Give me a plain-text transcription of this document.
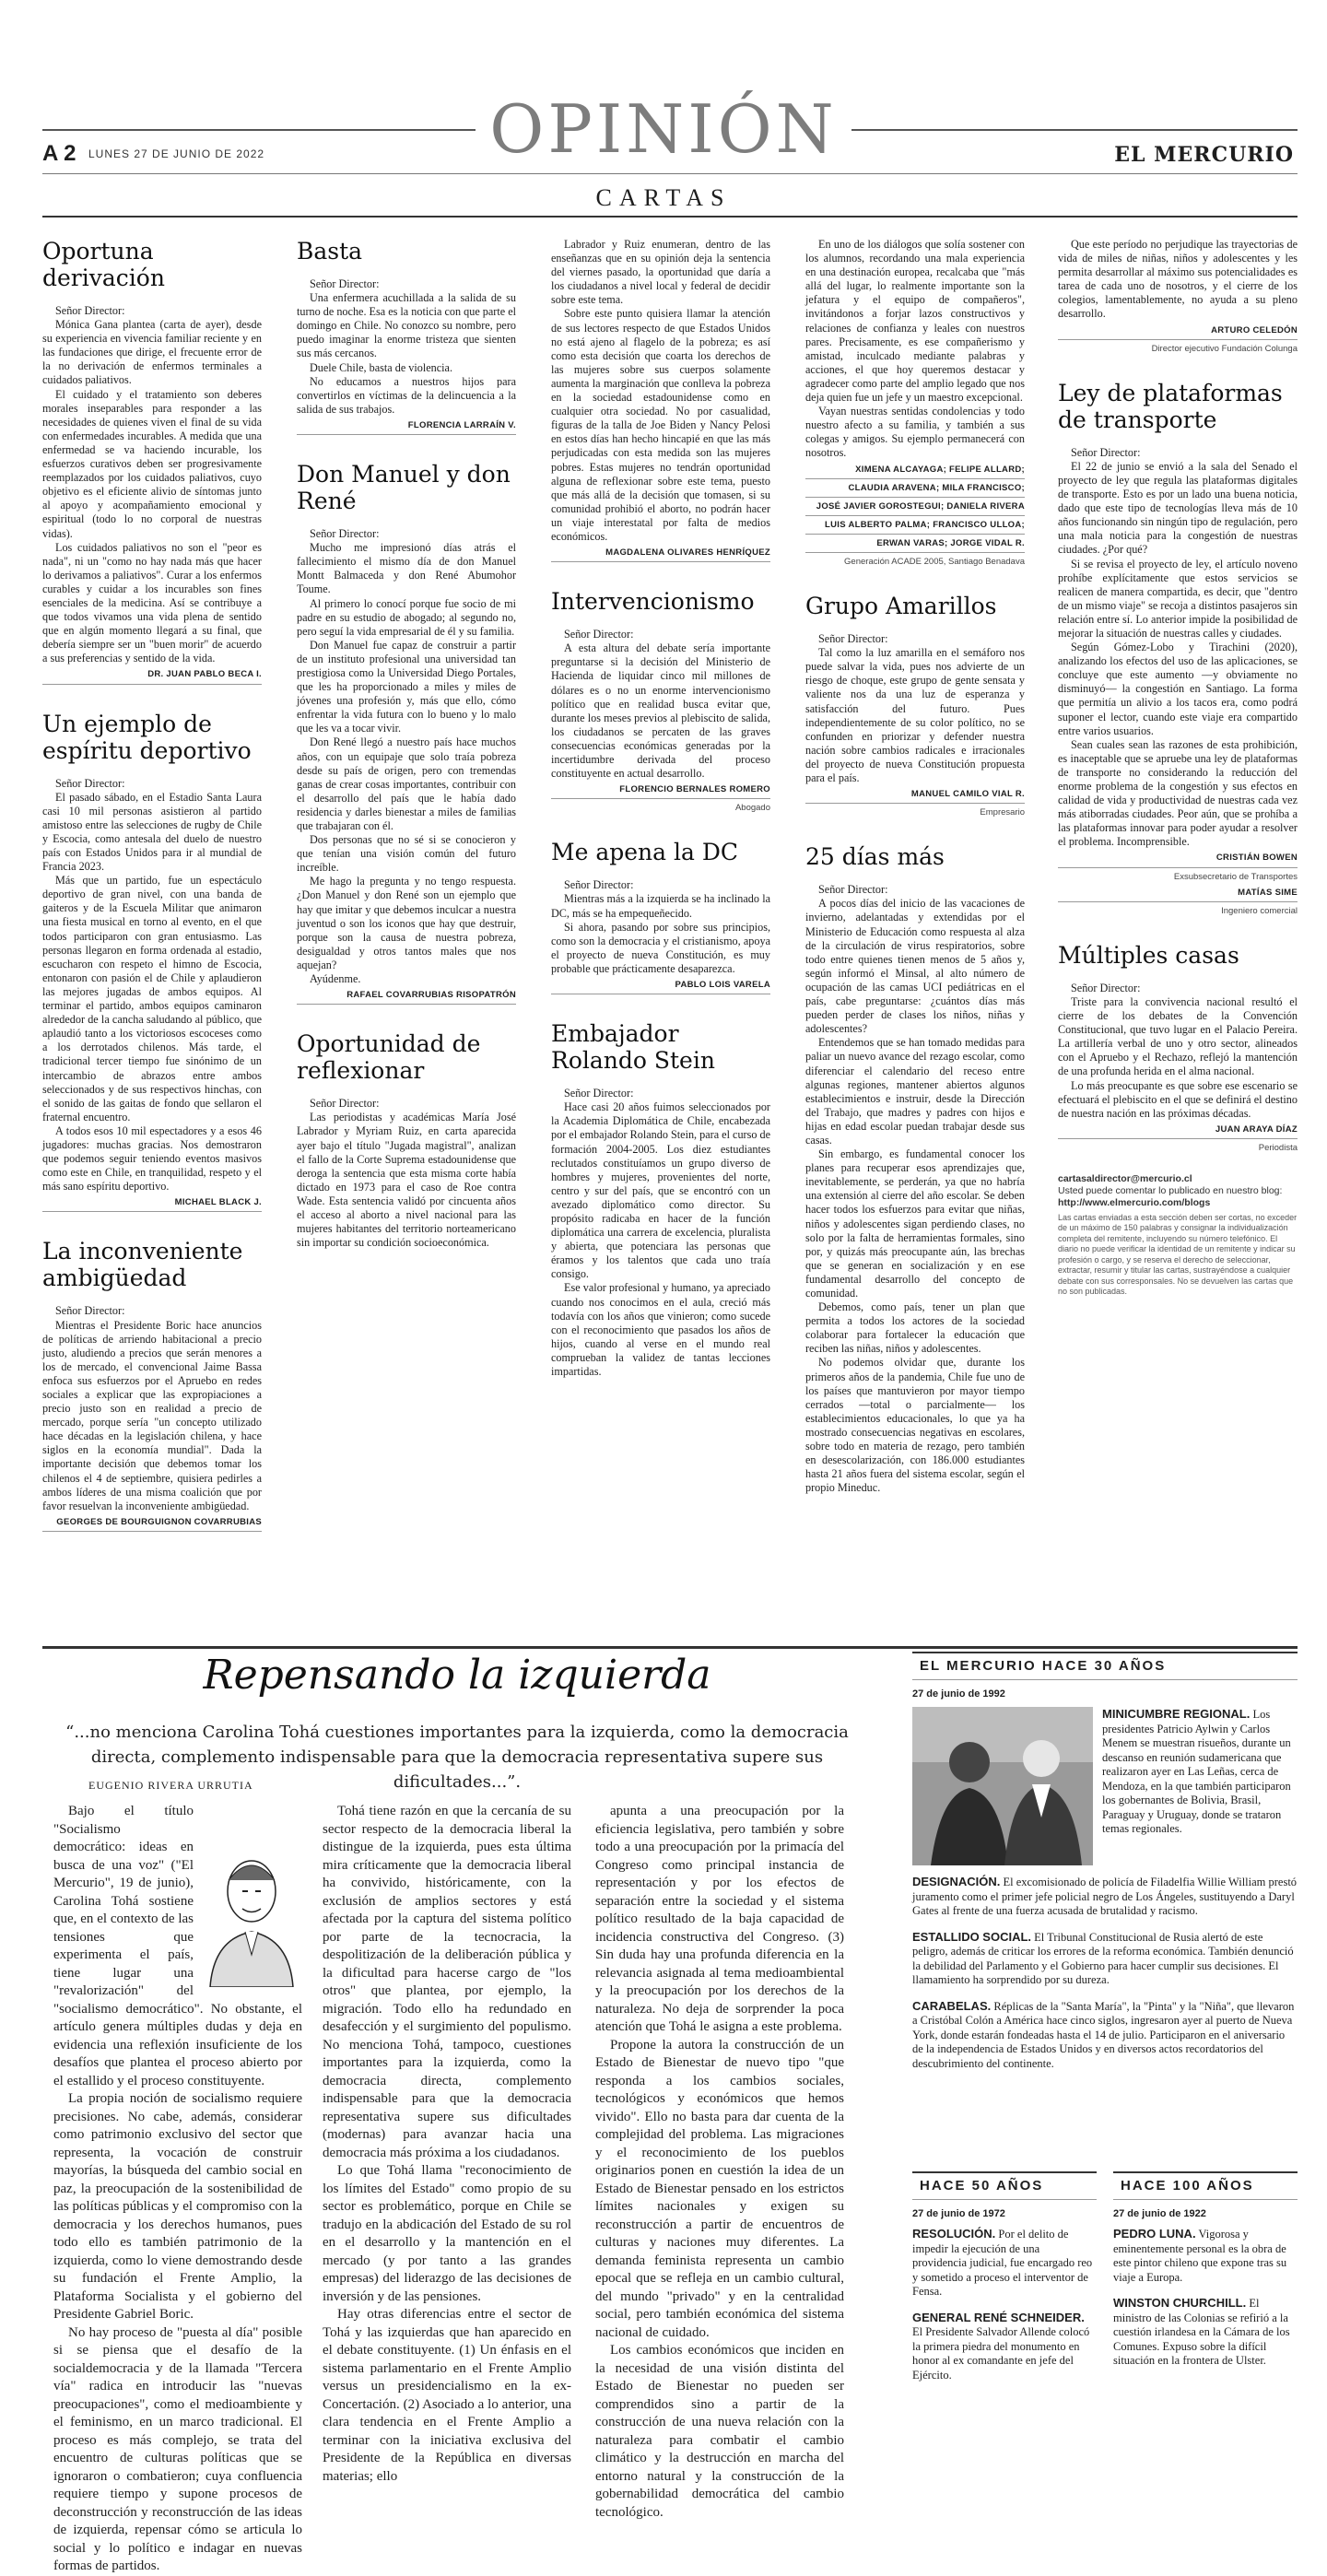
A 2 LUNES 27 DE JUNIO DE 2022	OPINIÓN	EL MERCURIO
CARTAS
Oportuna derivación

Señor Director:

Mónica Gana plantea (carta de ayer), desde su experiencia en vivencia familiar reciente y en las fundaciones que dirige, el frecuente error de la no derivación de enfermos terminales a cuidados paliativos.

El cuidado y el tratamiento son deberes morales inseparables para responder a las necesidades de quienes viven el final de su vida con enfermedades incurables. A medida que una enfermedad se va haciendo incurable, los esfuerzos curativos deben ser progresivamente reemplazados por los cuidados paliativos, cuyo objetivo es el eficiente alivio de síntomas junto al apoyo y acompañamiento emocional y espiritual (todo lo no corporal de nuestras vidas).

Los cuidados paliativos no son el "peor es nada", ni un "como no hay nada más que hacer lo derivamos a paliativos". Curar a los enfermos curables y cuidar a los incurables son fines esenciales de la medicina. Así se contribuye a que todos vivamos una vida plena de sentido que en algún momento llegará a su final, que debería siempre ser un "buen morir" de acuerdo a sus preferencias y sentido de la vida.

DR. JUAN PABLO BECA I.
Un ejemplo de espíritu deportivo

Señor Director:

El pasado sábado, en el Estadio Santa Laura casi 10 mil personas asistieron al partido amistoso entre las selecciones de rugby de Chile y Escocia, como antesala del duelo de nuestro país con Estados Unidos para ir al mundial de Francia 2023.

Más que un partido, fue un espectáculo deportivo de gran nivel, con una banda de gaiteros y de la Escuela Militar que animaron una fiesta musical en torno al evento, en el que todos participaron con gran entusiasmo. Las personas llegaron en forma ordenada al estadio, escucharon con respeto el himno de Escocia, entonaron con pasión el de Chile y aplaudieron las mejores jugadas de ambos equipos. Al terminar el partido, ambos equipos caminaron alrededor de la cancha saludando al público, que aplaudió tanto a los victoriosos escoceses como a los derrotados chilenos. Más tarde, el tradicional tercer tiempo fue sinónimo de un intercambio de abrazos entre ambos seleccionados y de sus respectivos hinchas, con el sonido de las gaitas de fondo que sellaron el fraternal encuentro.

A todos esos 10 mil espectadores y a esos 46 jugadores: muchas gracias. Nos demostraron que podemos seguir teniendo eventos masivos como este en Chile, en tranquilidad, respeto y el más sano espíritu deportivo.

MICHAEL BLACK J.
La inconveniente ambigüedad

Señor Director:

Mientras el Presidente Boric hace anuncios de políticas de arriendo habitacional a precio justo, aludiendo a precios que serán menores a los de mercado, el convencional Jaime Bassa enfoca sus esfuerzos por el Apruebo en redes sociales a explicar que las expropiaciones a precio justo son en realidad a precio de mercado, porque sería "un concepto utilizado hace décadas en la legislación chilena, y hace siglos en la economía mundial". Dada la importante decisión que debemos tomar los chilenos el 4 de septiembre, quisiera pedirles a ambos líderes de una misma coalición que por favor resuelvan la inconveniente ambigüedad.

GEORGES DE BOURGUIGNON COVARRUBIAS
Basta

Señor Director:

Una enfermera acuchillada a la salida de su turno de noche. Esa es la noticia con que parte el domingo en Chile. No conozco su nombre, pero puedo imaginar la enorme tristeza que sienten sus más cercanos.

Duele Chile, basta de violencia.

No educamos a nuestros hijos para convertirlos en víctimas de la delincuencia a la salida de sus trabajos.

FLORENCIA LARRAÍN V.
Don Manuel y don René

Señor Director:

Mucho me impresionó días atrás el fallecimiento el mismo día de don Manuel Montt Balmaceda y don René Abumohor Toume.

Al primero lo conocí porque fue socio de mi padre en su estudio de abogado; al segundo no, pero seguí la vida empresarial de él y su familia.

Don Manuel fue capaz de construir a partir de un instituto profesional una universidad tan prestigiosa como la Universidad Diego Portales, que les ha proporcionado a miles y miles de jóvenes una profesión y, más que ello, cómo enfrentar la vida futura con lo bueno y lo malo que les va a tocar vivir.

Don René llegó a nuestro país hace muchos años, con un equipaje que solo traía pobreza desde su país de origen, pero con tremendas ganas de crear cosas importantes, contribuir con el desarrollo del país que le había dado residencia y darles bienestar a miles de familias que trabajaran con él.

Dos personas que no sé si se conocieron y que tenían una visión común del futuro increíble.

Me hago la pregunta y no tengo respuesta. ¿Don Manuel y don René son un ejemplo que hay que imitar y que debemos inculcar a nuestra juventud o son los iconos que hay que destruir, porque son la causa de nuestra pobreza, desigualdad y otros tantos males que nos aquejan?

Ayúdenme.

RAFAEL COVARRUBIAS RISOPATRÓN
Oportunidad de reflexionar

Señor Director:

Las periodistas y académicas María José Labrador y Myriam Ruiz, en carta aparecida ayer bajo el título "Jugada magistral", analizan el fallo de la Corte Suprema estadounidense que deroga la sentencia que esta misma corte había dictado en 1973 para el caso de Roe contra Wade. Esta sentencia validó por cincuenta años el acceso al aborto a nivel nacional para las mujeres habitantes del territorio norteamericano sin importar su condición socioeconómica.

Labrador y Ruiz enumeran, dentro de las enseñanzas que en su opinión deja la sentencia del viernes pasado, la oportunidad que daría a los ciudadanos a nivel local y federal de decidir sobre este tema.

Sobre este punto quisiera llamar la atención de sus lectores respecto de que Estados Unidos no está ajeno al flagelo de la pobreza; es así como esta decisión que coarta los derechos de las mujeres sobre sus cuerpos solamente aumenta la marginación que conlleva la pobreza en la sociedad estadounidense como en cualquier otra sociedad. No por casualidad, figuras de la talla de Joe Biden y Nancy Pelosi en estos días han hecho hincapié en que las más perjudicadas con esta medida son las mujeres pobres. Estas mujeres no tendrán oportunidad alguna de reflexionar sobre este tema, puesto que más allá de la decisión que tomasen, si su comunidad prohibió el aborto, no podrán hacer un viaje interestatal por falta de medios económicos.

MAGDALENA OLIVARES HENRÍQUEZ
Intervencionismo

Señor Director:

A esta altura del debate sería importante preguntarse si la decisión del Ministerio de Hacienda de liquidar cinco mil millones de dólares es o no un enorme intervencionismo político que en realidad busca evitar que, durante los meses previos al plebiscito de salida, los ciudadanos se percaten de las graves consecuencias económicas generadas por la incertidumbre derivada del proceso constituyente en actual desarrollo.

FLORENCIO BERNALES ROMERO
Abogado
Me apena la DC

Señor Director:

Mientras más a la izquierda se ha inclinado la DC, más se ha empequeñecido.

Si ahora, pasando por sobre sus principios, como son la democracia y el cristianismo, apoya el proyecto de nueva Constitución, es muy probable que prácticamente desaparezca.

PABLO LOIS VARELA
Embajador Rolando Stein

Señor Director:

Hace casi 20 años fuimos seleccionados por la Academia Diplomática de Chile, encabezada por el embajador Rolando Stein, para el curso de formación 2004-2005. Los diez estudiantes reclutados constituíamos un grupo diverso de hombres y mujeres, provenientes del norte, centro y sur del país, que se encontró con un avezado diplomático como director. Su propósito radicaba en hacer de la función diplomática una carrera de excelencia, pluralista y abierta, que potenciara las personas que éramos y los talentos que cada uno traía consigo.

Ese valor profesional y humano, ya apreciado cuando nos conocimos en el aula, creció más todavía con los años que vinieron; como sucede con el reconocimiento que pasados los años de hijos, cuando al verse en el mundo real comprueban la validez de tantas lecciones impartidas.

En uno de los diálogos que solía sostener con los alumnos, recordando una mala experiencia en una destinación europea, recalcaba que "más allá del lugar, lo realmente importante son la jefatura y el equipo de compañeros", invitándonos a forjar lazos constructivos y relaciones de confianza y leales con nuestros pares. Precisamente, es ese compañerismo y amistad, inculcado mediante palabras y acciones, el que hoy queremos destacar y agradecer como parte del amplio legado que nos deja quien fue un jefe y un maestro excepcional.

Vayan nuestras sentidas condolencias y todo nuestro afecto a su familia, y también a sus colegas y amigos. Su ejemplo permanecerá con nosotros.

XIMENA ALCAYAGA; FELIPE ALLARD;
CLAUDIA ARAVENA; MILA FRANCISCO;
JOSÉ JAVIER GOROSTEGUI; DANIELA RIVERA
LUIS ALBERTO PALMA; FRANCISCO ULLOA;
ERWAN VARAS; JORGE VIDAL R.
Generación ACADE 2005, Santiago Benadava
Grupo Amarillos

Señor Director:

Tal como la luz amarilla en el semáforo nos puede salvar la vida, pues nos advierte de un riesgo de choque, este grupo de gente sensata y valiente nos da una luz de esperanza y satisfacción del futuro. Pues independientemente de su color político, no se confunden en priorizar y defender nuestra nación sobre cambios radicales e irracionales del proyecto de nueva Constitución propuesta para el país.

MANUEL CAMILO VIAL R.
Empresario
25 días más

Señor Director:

A pocos días del inicio de las vacaciones de invierno, adelantadas y extendidas por el Ministerio de Educación como respuesta al alza de la circulación de virus respiratorios, sobre todo entre quienes tienen menos de 5 años y, según informó el Minsal, al alto número de ocupación de las camas UCI pediátricas en el país, cabe preguntarse: ¿cuántos días más pueden perder de clases los niños, niñas y adolescentes?

Entendemos que se han tomado medidas para paliar un nuevo avance del rezago escolar, como diferenciar el calendario del receso entre algunas regiones, mantener abiertos algunos establecimientos e instruir, desde la Dirección del Trabajo, que madres y padres con hijos e hijas en edad escolar puedan trabajar desde sus casas.

Sin embargo, es fundamental conocer los planes para recuperar esos aprendizajes que, inevitablemente, se perderán, ya que no habría una extensión al cierre del año escolar. Se deben hacer todos los esfuerzos para evitar que niñas, niños y adolescentes sigan perdiendo clases, no solo por la falta de herramientas formales, sino por, y quizás más preocupante aún, las brechas que se generan en socialización y en ese fundamental desarrollo del concepto de comunidad.

Debemos, como país, tener un plan que permita a todos los actores de la sociedad colaborar para fortalecer la educación que reciben las niñas, niños y adolescentes.

No podemos olvidar que, durante los primeros años de la pandemia, Chile fue uno de los países que mantuvieron por mayor tiempo cerrados —total o parcialmente— los establecimientos educacionales, lo que ya ha mostrado consecuencias negativas en escolares, sobre todo en materia de rezago, pero también en desescolarización, con 186.000 estudiantes hasta 21 años fuera del sistema escolar, según el propio Mineduc.

Que este período no perjudique las trayectorias de vida de miles de niñas, niños y adolescentes y les permita desarrollar al máximo sus potencialidades es tarea de cada uno de nosotros, y el cierre de los colegios, lamentablemente, no ayuda a su pleno desarrollo.

ARTURO CELEDÓN
Director ejecutivo Fundación Colunga
Ley de plataformas de transporte

Señor Director:

El 22 de junio se envió a la sala del Senado el proyecto de ley que regula las plataformas digitales de transporte. Esto es por un lado una buena noticia, dado que este tipo de tecnologías lleva más de 10 años funcionando sin ningún tipo de regulación, pero una mala noticia para la congestión de nuestras ciudades. ¿Por qué?

Si se revisa el proyecto de ley, el artículo noveno prohíbe explícitamente que estos servicios se realicen de manera compartida, es decir, que "dentro de un mismo viaje" se recoja a distintos pasajeros sin relación entre sí. Lo anterior impide la posibilidad de mejorar la situación de nuestras calles y ciudades.

Según Gómez-Lobo y Tirachini (2020), analizando los efectos del uso de las aplicaciones, se concluye que este aumento —y obviamente no disminuyó— la congestión en Santiago. La forma que permitía un alivio a los tacos era, como podrá suponer el lector, cuando este viaje era compartido entre varios usuarios.

Sean cuales sean las razones de esta prohibición, es inaceptable que se apruebe una ley de plataformas de transporte no considerando la reducción del enorme problema de la congestión y sus efectos en calidad de vida y productividad de nuestras cada vez más atiborradas ciudades. Peor aún, que se prohíba a las plataformas innovar para poder ayudar a resolver el problema. Incomprensible.

CRISTIÁN BOWEN
Exsubsecretario de Transportes
MATÍAS SIME
Ingeniero comercial
Múltiples casas

Señor Director:

Triste para la convivencia nacional resultó el cierre de los debates de la Convención Constitucional, que tuvo lugar en el Palacio Pereira. La artillería verbal de uno y otro sector, alineados con el Apruebo y el Rechazo, reflejó la mantención de una profunda herida en el alma nacional.

Lo más preocupante es que sobre ese escenario se efectuará el plebiscito en el que se definirá el destino de nuestra nación en las próximas décadas.

JUAN ARAYA DÍAZ
Periodista
cartasaldirector@mercurio.cl
Usted puede comentar lo publicado en nuestro blog:
http://www.elmercurio.com/blogs
Las cartas enviadas a esta sección deben ser cortas, no exceder de un máximo de 150 palabras y consignar la individualización completa del remitente, incluyendo su número telefónico. El diario no puede verificar la identidad de un remitente y indicar su profesión o cargo, y se reserva el derecho de seleccionar, extractar, resumir y titular las cartas, sustrayéndose a cualquier debate con sus corresponsales. No se devuelven las cartas que no son publicadas.
Repensando la izquierda
“...no menciona Carolina Tohá cuestiones importantes para la izquierda, como la democracia directa, complemento indispensable para que la democracia representativa supere sus dificultades...”.
EUGENIO RIVERA URRUTIA

Bajo el título "Socialismo democrático: ideas en busca de una voz" ("El Mercurio", 19 de junio), Carolina Tohá sostiene que, en el contexto de las tensiones que experimenta el país, tiene lugar una "revalorización" del "socialismo democrático". No obstante, el artículo genera múltiples dudas y deja en evidencia una reflexión insuficiente de los desafíos que plantea el proceso abierto por el estallido y el proceso constituyente.

La propia noción de socialismo requiere precisiones. No cabe, además, considerar como patrimonio exclusivo del sector que representa, la vocación de construir mayorías, la búsqueda del cambio social en paz, la preocupación de la sostenibilidad de las políticas públicas y el compromiso con la democracia y los derechos humanos, pues todo ello es también patrimonio de la izquierda, como lo viene demostrando desde su fundación el Frente Amplio, la Plataforma Socialista y el gobierno del Presidente Gabriel Boric.

No hay proceso de "puesta al día" posible si se piensa que el desafío de la socialdemocracia y de la llamada "Tercera vía" radica en introducir las "nuevas preocupaciones", como el medioambiente y el feminismo, en un marco tradicional. El proceso es más complejo, se trata del encuentro de culturas políticas que se ignoraron o combatieron; cuya confluencia requiere tiempo y supone procesos de deconstrucción y reconstrucción de las ideas de izquierda, repensar cómo se articula lo social y lo político e indagar en nuevas formas de partidos.

Tohá tiene razón en que la cercanía de su sector respecto de la democracia liberal la distingue de la izquierda, pues esta última mira críticamente que la democracia liberal ha convivido, históricamente, con la exclusión de amplios sectores y está afectada por la captura del sistema político por parte de la tecnocracia, la despolitización de la deliberación pública y la dificultad para hacerse cargo de "los otros" que plantea, por ejemplo, la migración. Todo ello ha redundado en desafección y el surgimiento del populismo. No menciona Tohá, tampoco, cuestiones importantes para la izquierda, como la democracia directa, complemento indispensable para que la democracia representativa supere sus dificultades (modernas) para avanzar hacia una democracia más próxima a los ciudadanos.

Lo que Tohá llama "reconocimiento de los límites del Estado" como propio de su sector es problemático, porque en Chile se tradujo en la abdicación del Estado de su rol en el desarrollo y la mantención en el mercado (y por tanto a las grandes empresas) del liderazgo de las decisiones de inversión y de las pensiones.

Hay otras diferencias entre el sector de Tohá y las izquierdas que han aparecido en el debate constituyente. (1) Un énfasis en el sistema parlamentario en el Frente Amplio versus un presidencialismo en la ex-Concertación. (2) Asociado a lo anterior, una clara tendencia en el Frente Amplio a terminar con la iniciativa exclusiva del Presidente de la República en diversas materias; ello

apunta a una preocupación por la eficiencia legislativa, pero también y sobre todo a una preocupación por la primacía del Congreso como principal instancia de representación y por los efectos de separación entre la sociedad y el sistema político resultado de la baja capacidad de incidencia constructiva del Congreso. (3) Sin duda hay una profunda diferencia en la relevancia asignada al tema medioambiental y la preocupación por los derechos de la naturaleza. No deja de sorprender la poca atención que Tohá le asigna a este problema.

Propone la autora la construcción de un Estado de Bienestar de nuevo tipo "que responda a los cambios sociales, tecnológicos y económicos que hemos vivido". Ello no basta para dar cuenta de la complejidad del problema. Las migraciones y el reconocimiento de los pueblos originarios ponen en cuestión la idea de un Estado de Bienestar pensado en los estrictos límites nacionales y exigen su reconstrucción a partir de encuentros de culturas y naciones muy diferentes. La demanda feminista representa un cambio epocal que se refleja en un cambio cultural, del mundo "privado" y en la centralidad social, pero también económica del sistema nacional de cuidado.

Los cambios económicos que inciden en la necesidad de una visión distinta del Estado de Bienestar no pueden ser comprendidos sino a partir de la construcción de una nueva relación con la naturaleza para combatir el cambio climático y la destrucción en marcha del entorno natural y la construcción de la gobernabilidad democrática del cambio tecnológico.

EL MERCURIO HACE 30 AÑOS
27 de junio de 1992
MINICUMBRE REGIONAL. Los presidentes Patricio Aylwin y Carlos Menem se muestran risueños, durante un descanso en reunión sudamericana que realizaron ayer en Las Leñas, cerca de Mendoza, en la que también participaron los gobernantes de Bolivia, Brasil, Paraguay y Uruguay, donde se trataron temas regionales.
DESIGNACIÓN. El excomisionado de policía de Filadelfia Willie William prestó juramento como el primer jefe policial negro de Los Ángeles, sustituyendo a Daryl Gates al frente de una fuerza acusada de brutalidad y racismo.
ESTALLIDO SOCIAL. El Tribunal Constitucional de Rusia alertó de este peligro, además de criticar los errores de la reforma económica. También denunció la debilidad del Parlamento y el Gobierno para hacer cumplir sus decisiones. El llamamiento ha sorprendido por su dureza.
CARABELAS. Réplicas de la "Santa María", la "Pinta" y la "Niña", que llevaron a Cristóbal Colón a América hace cinco siglos, ingresaron ayer al puerto de Nueva York, donde estarán fondeadas hasta el 14 de julio. Participaron en el aniversario de la independencia de Estados Unidos y en diversos actos recordatorios del descubrimiento del continente.
HACE 50 AÑOS
27 de junio de 1972
RESOLUCIÓN. Por el delito de impedir la ejecución de una providencia judicial, fue encargado reo y sometido a proceso el interventor de Fensa.
GENERAL RENÉ SCHNEIDER. El Presidente Salvador Allende colocó la primera piedra del monumento en honor al ex comandante en jefe del Ejército.
HACE 100 AÑOS
27 de junio de 1922
PEDRO LUNA. Vigorosa y eminentemente personal es la obra de este pintor chileno que expone tras su viaje a Europa.
WINSTON CHURCHILL. El ministro de las Colonias se refirió a la cuestión irlandesa en la Cámara de los Comunes. Expuso sobre la difícil situación en la frontera de Ulster.
